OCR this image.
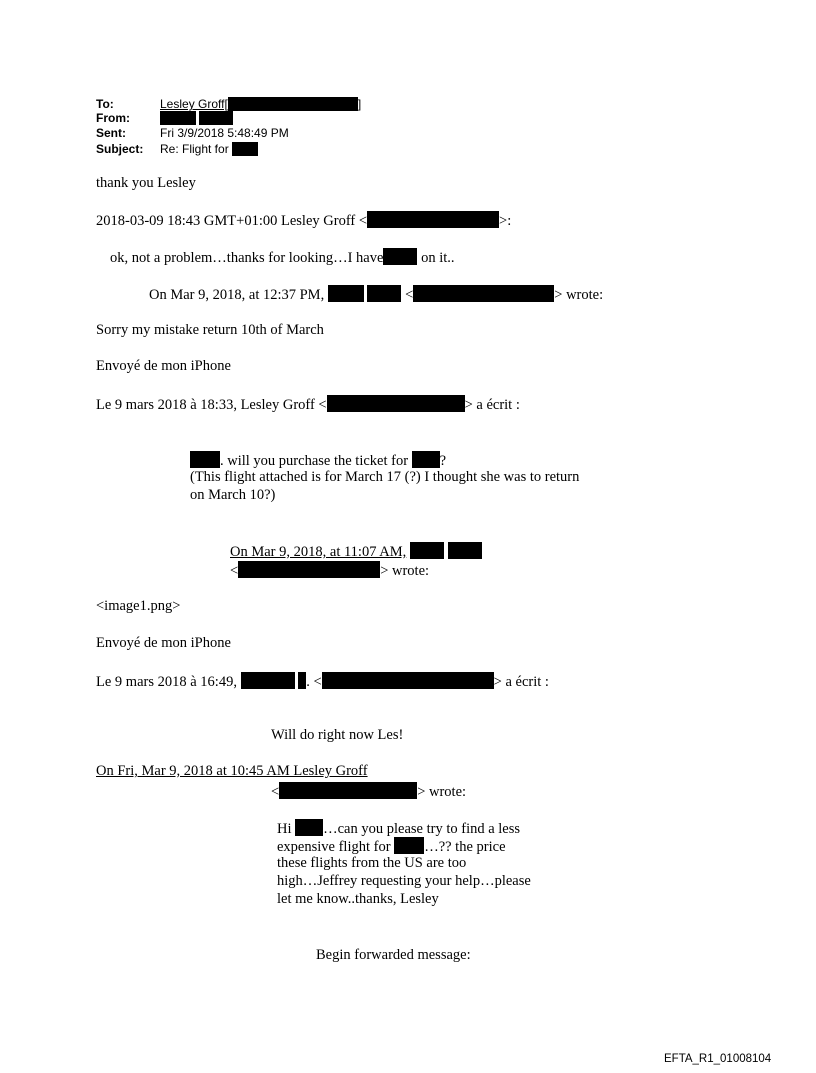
To:	Lesley Groff[	]
From:

Sent:	Fri 3/9/2018 5:48:49 PM
Subject: Re: Flight for
thank you Lesley
2018-03-09 18:43 GMT+01:00 Lesley Groff <	>:
ok, not a problem…thanks for looking…I have	on it..
On Mar 9, 2018, at 12:37 PM,	<	> wrote:
Sorry my mistake return 10th of March
Envoyé de mon iPhone
Le 9 mars 2018 à 18:33, Lesley Groff <	> a écrit :
. will you purchase the ticket for ?
(This flight attached is for March 17 (?) I thought she was to return
on March 10?)
On Mar 9, 2018, at 11:07 AM,
<	> wrote:
<image1.png>
Envoyé de mon iPhone
Le 9 mars 2018 à 16:49,	. <	> a écrit :
Will do right now Les!
On Fri, Mar 9, 2018 at 10:45 AM Lesley Groff
<	> wrote:
Hi …can you please try to find a less
expensive flight for …?? the price
these flights from the US are too
high…Jeffrey requesting your help…please
let me know..thanks, Lesley
Begin forwarded message:
EFTA_R1_01008104
